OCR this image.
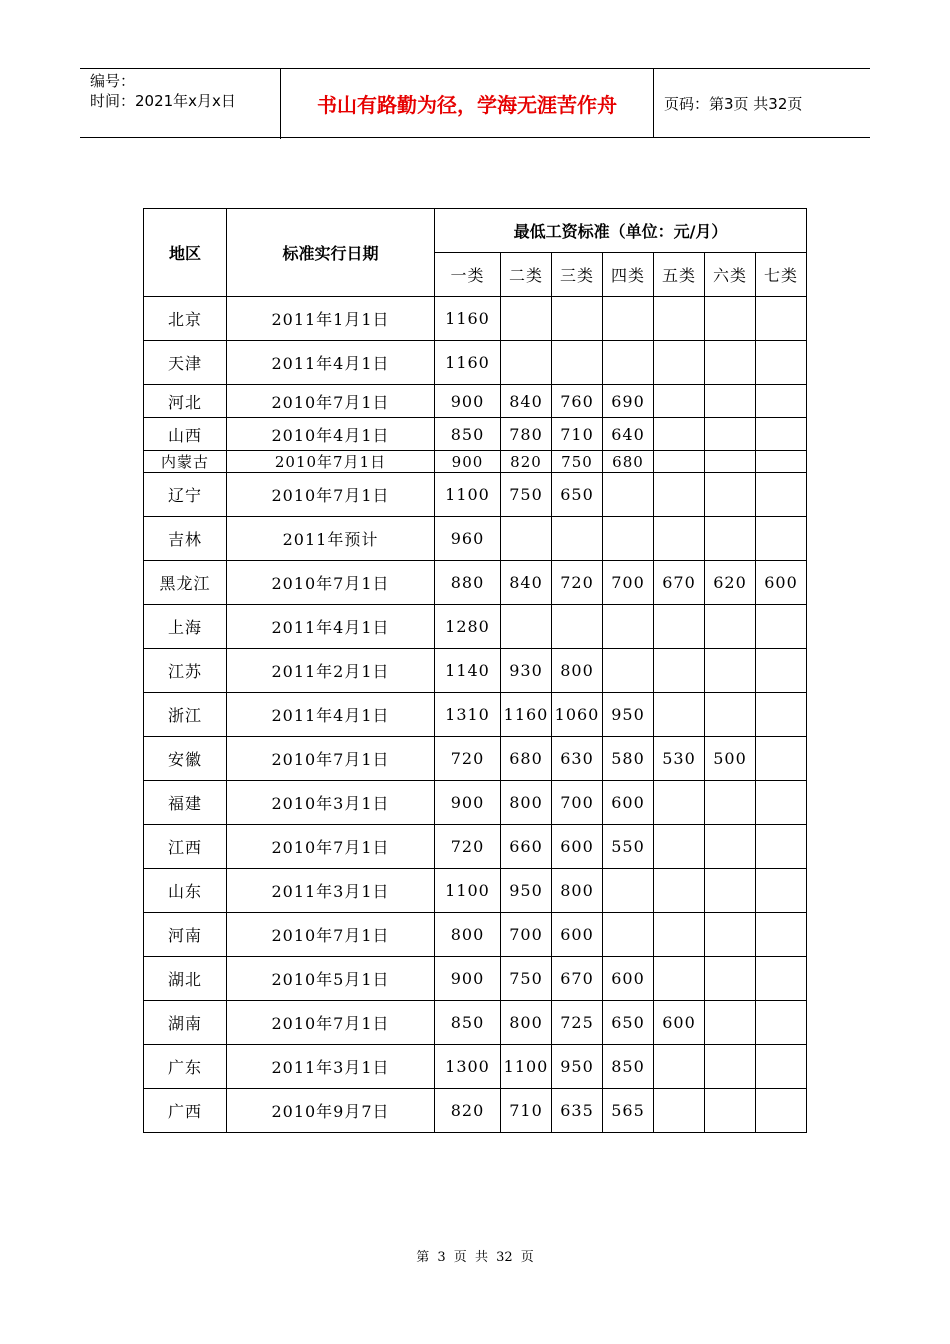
编号：
时间：2021年x月x日	书山有路勤为径，学海无涯苦作舟	页码：第3页 共32页
地区	标准实行日期	最低工资标准（单位：元/月）						
		一类	二类	三类	四类	五类	六类	七类
北京	2011年1月1日	1160						
天津	2011年4月1日	1160						
河北	2010年7月1日	900	840	760	690			
山西	2010年4月1日	850	780	710	640			
内蒙古	2010年7月1日	900	820	750	680			
辽宁	2010年7月1日	1100	750	650				
吉林	2011年预计	960						
黑龙江	2010年7月1日	880	840	720	700	670	620	600
上海	2011年4月1日	1280						
江苏	2011年2月1日	1140	930	800				
浙江	2011年4月1日	1310	1160	1060	950			
安徽	2010年7月1日	720	680	630	580	530	500	
福建	2010年3月1日	900	800	700	600			
江西	2010年7月1日	720	660	600	550			
山东	2011年3月1日	1100	950	800				
河南	2010年7月1日	800	700	600				
湖北	2010年5月1日	900	750	670	600			
湖南	2010年7月1日	850	800	725	650	600		
广东	2011年3月1日	1300	1100	950	850			
广西	2010年9月7日	820	710	635	565			
第 3 页 共 32 页
